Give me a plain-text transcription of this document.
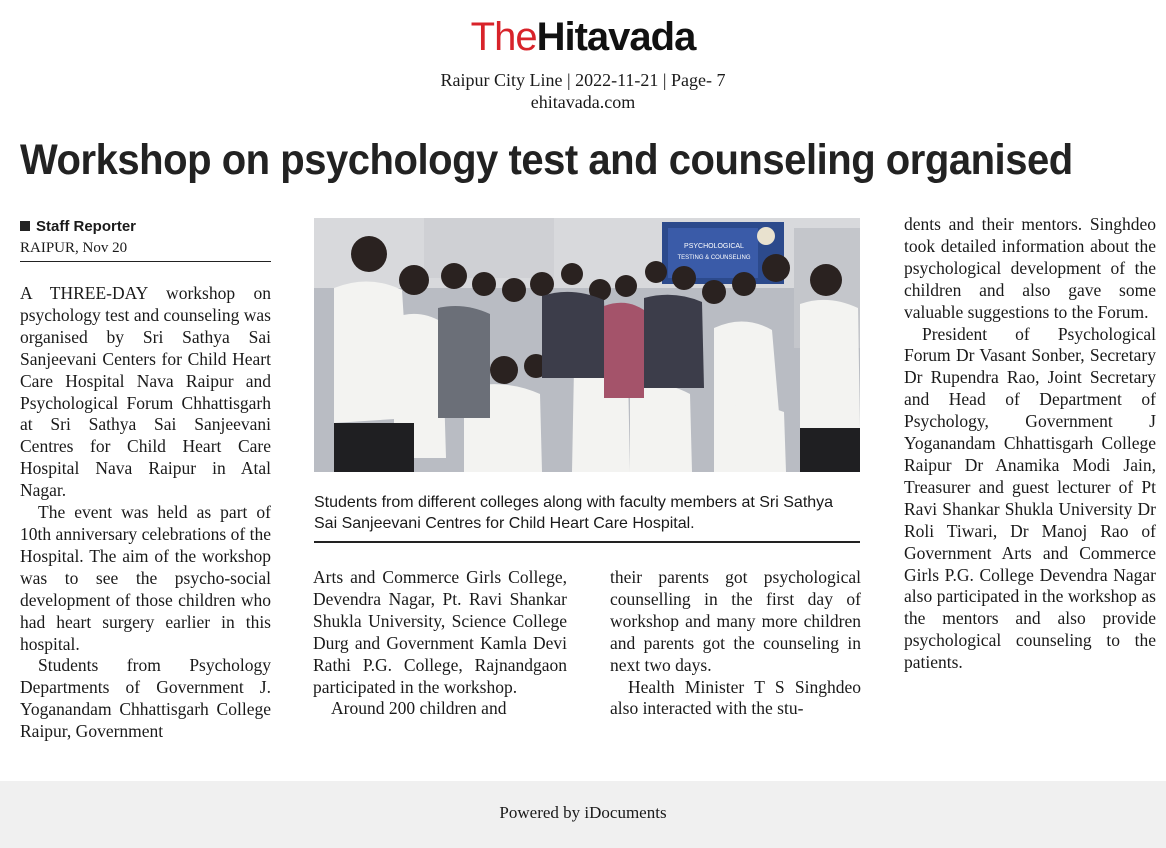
TheHitavada
Raipur City Line | 2022-11-21 | Page- 7
ehitavada.com
Workshop on psychology test and counseling organised
Staff Reporter
RAIPUR, Nov 20

A THREE-DAY workshop on psychology test and counseling was organised by Sri Sathya Sai Sanjeevani Centers for Child Heart Care Hospital Nava Raipur and Psychological Forum Chhattisgarh at Sri Sathya Sai Sanjeevani Centres for Child Heart Care Hospital Nava Raipur in Atal Nagar.

The event was held as part of 10th anniversary celebrations of the Hospital. The aim of the workshop was to see the psycho-social development of those children who had heart surgery earlier in this hospital.

Students from Psychology Departments of Government J. Yoganandam Chhattisgarh College Raipur, Government

PSYCHOLOGICAL
TESTING & COUNSELING
Students from different colleges along with faculty members at Sri Sathya Sai Sanjeevani Centres for Child Heart Care Hospital.

Arts and Commerce Girls College, Devendra Nagar, Pt. Ravi Shankar Shukla University, Science College Durg and Government Kamla Devi Rathi P.G. College, Rajnandgaon participated in the workshop.

Around 200 children and

their parents got psychological counselling in the first day of workshop and many more children and parents got the counseling in next two days.

Health Minister T S Singhdeo also interacted with the stu-

dents and their mentors. Singhdeo took detailed information about the psychological development of the children and also gave some valuable suggestions to the Forum.

President of Psychological Forum Dr Vasant Sonber, Secretary Dr Rupendra Rao, Joint Secretary and Head of Department of Psychology, Government J Yoganandam Chhattisgarh College Raipur Dr Anamika Modi Jain, Treasurer and guest lecturer of Pt Ravi Shankar Shukla University Dr Roli Tiwari, Dr Manoj Rao of Government Arts and Commerce Girls P.G. College Devendra Nagar also participated in the workshop as the mentors and also provide psychological counseling to the patients.

Powered by iDocuments
